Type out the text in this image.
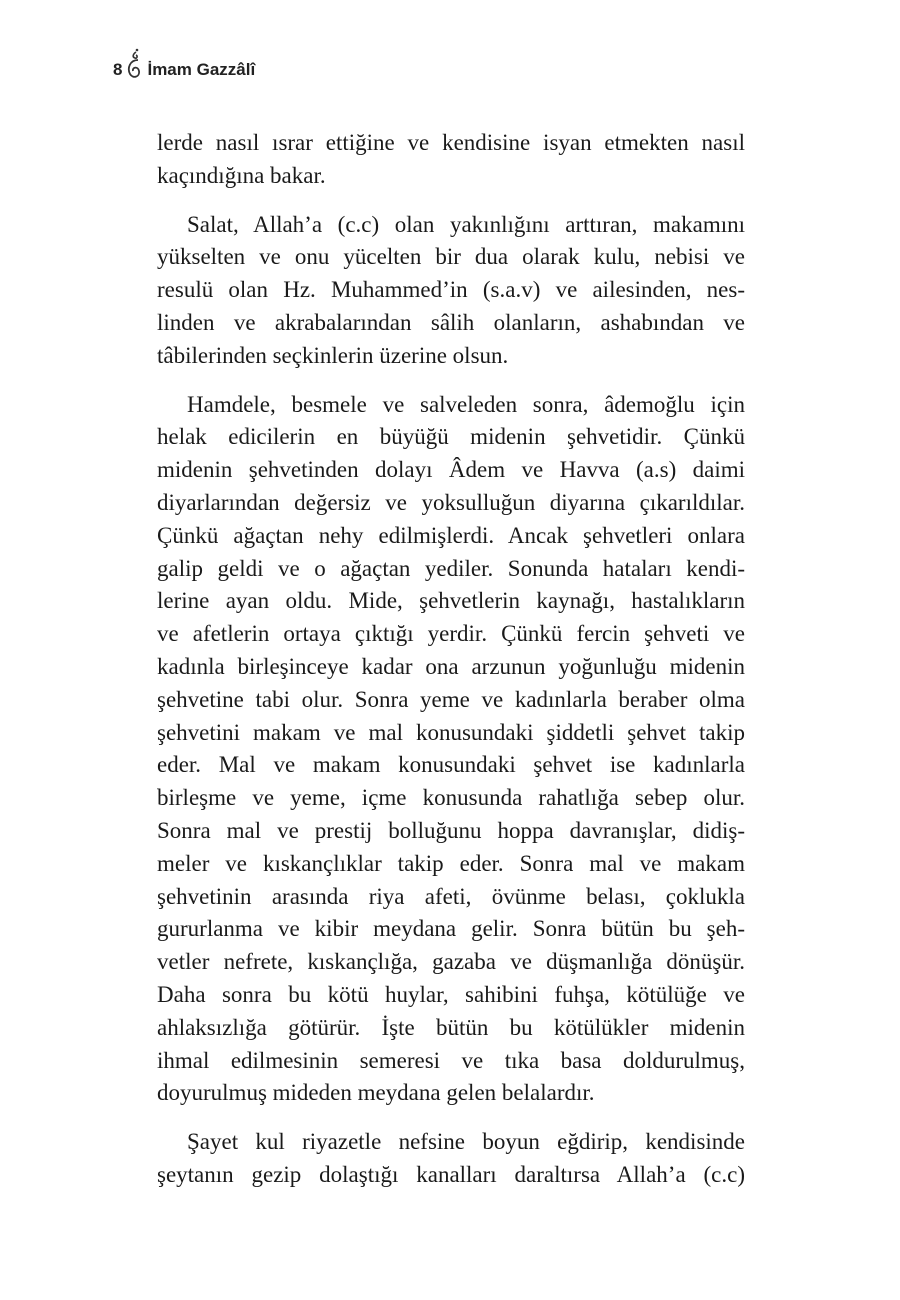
8 İmam Gazzâlî
lerde nasıl ısrar ettiğine ve kendisine isyan etmekten nasıl
kaçındığına bakar.
Salat, Allah’a (c.c) olan yakınlığını arttıran, makamını
yükselten ve onu yücelten bir dua olarak kulu, nebisi ve
resulü olan Hz. Muhammed’in (s.a.v) ve ailesinden, nes-
linden ve akrabalarından sâlih olanların, ashabından ve
tâbilerinden seçkinlerin üzerine olsun.
Hamdele, besmele ve salveleden sonra, âdemoğlu için
helak edicilerin en büyüğü midenin şehvetidir. Çünkü
midenin şehvetinden dolayı Âdem ve Havva (a.s) daimi
diyarlarından değersiz ve yoksulluğun diyarına çıkarıldılar.
Çünkü ağaçtan nehy edilmişlerdi. Ancak şehvetleri onlara
galip geldi ve o ağaçtan yediler. Sonunda hataları kendi-
lerine ayan oldu. Mide, şehvetlerin kaynağı, hastalıkların
ve afetlerin ortaya çıktığı yerdir. Çünkü fercin şehveti ve
kadınla birleşinceye kadar ona arzunun yoğunluğu midenin
şehvetine tabi olur. Sonra yeme ve kadınlarla beraber olma
şehvetini makam ve mal konusundaki şiddetli şehvet takip
eder. Mal ve makam konusundaki şehvet ise kadınlarla
birleşme ve yeme, içme konusunda rahatlığa sebep olur.
Sonra mal ve prestij bolluğunu hoppa davranışlar, didiş-
meler ve kıskançlıklar takip eder. Sonra mal ve makam
şehvetinin arasında riya afeti, övünme belası, çoklukla
gururlanma ve kibir meydana gelir. Sonra bütün bu şeh-
vetler nefrete, kıskançlığa, gazaba ve düşmanlığa dönüşür.
Daha sonra bu kötü huylar, sahibini fuhşa, kötülüğe ve
ahlaksızlığa götürür. İşte bütün bu kötülükler midenin
ihmal edilmesinin semeresi ve tıka basa doldurulmuş,
doyurulmuş mideden meydana gelen belalardır.
Şayet kul riyazetle nefsine boyun eğdirip, kendisinde
şeytanın gezip dolaştığı kanalları daraltırsa Allah’a (c.c)
